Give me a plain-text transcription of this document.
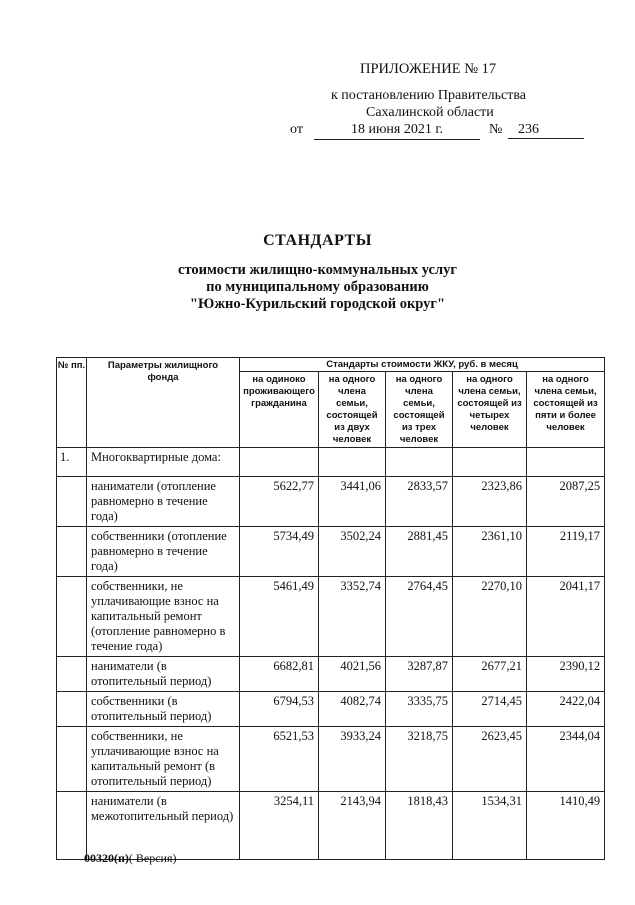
ПРИЛОЖЕНИЕ № 17
к постановлению Правительства
Сахалинской области
от	18 июня 2021 г.	№	236
СТАНДАРТЫ
стоимости жилищно-коммунальных услуг
по муниципальному образованию
"Южно-Курильский городской округ"
№ пп.	Параметры жилищного фонда	Стандарты стоимости ЖКУ, руб. в месяц				
		на одиноко проживающего гражданина	на одного члена семьи, состоящей из двух человек	на одного члена семьи, состоящей из трех человек	на одного члена семьи, состоящей из четырех человек	на одного члена семьи, состоящей из пяти и более человек
1.	Многоквартирные дома:					
	наниматели (отопление равномерно в течение года)	5622,77	3441,06	2833,57	2323,86	2087,25
	собственники (отопление равномерно в течение года)	5734,49	3502,24	2881,45	2361,10	2119,17
	собственники, не уплачивающие взнос на капитальный ремонт (отопление равномерно в течение года)	5461,49	3352,74	2764,45	2270,10	2041,17
	наниматели (в отопительный период)	6682,81	4021,56	3287,87	2677,21	2390,12
	собственники (в отопительный период)	6794,53	4082,74	3335,75	2714,45	2422,04
	собственники, не уплачивающие взнос на капитальный ремонт (в отопительный период)	6521,53	3933,24	3218,75	2623,45	2344,04
	наниматели (в межотопительный период)	3254,11	2143,94	1818,43	1534,31	1410,49
00320(п)( Версия)
